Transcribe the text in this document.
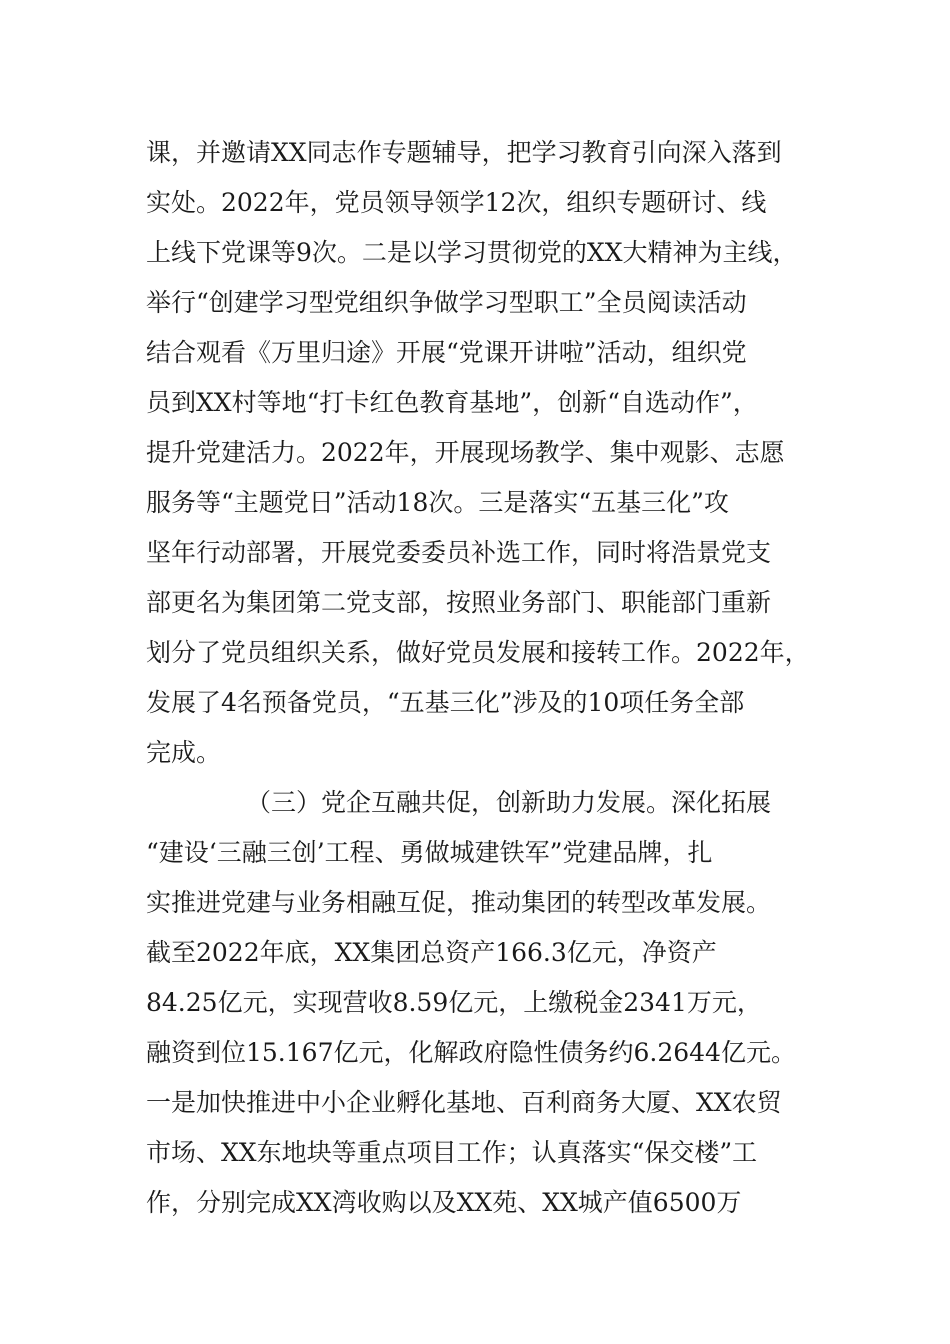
课，并邀请XX同志作专题辅导，把学习教育引向深入落到
实处。2022年，党员领导领学12次，组织专题研讨、线
上线下党课等9次。二是以学习贯彻党的XX大精神为主线，
举行“创建学习型党组织争做学习型职工”全员阅读活动
结合观看《万里归途》开展“党课开讲啦”活动，组织党
员到XX村等地“打卡红色教育基地”，创新“自选动作”，
提升党建活力。2022年，开展现场教学、集中观影、志愿
服务等“主题党日”活动18次。三是落实“五基三化”攻
坚年行动部署，开展党委委员补选工作，同时将浩景党支
部更名为集团第二党支部，按照业务部门、职能部门重新
划分了党员组织关系，做好党员发展和接转工作。2022年，
发展了4名预备党员，“五基三化”涉及的10项任务全部
完成。
（三）党企互融共促，创新助力发展。深化拓展
“建设‘三融三创’工程、勇做城建铁军”党建品牌，扎
实推进党建与业务相融互促，推动集团的转型改革发展。
截至2022年底，XX集团总资产166.3亿元，净资产
84.25亿元，实现营收8.59亿元，上缴税金2341万元，
融资到位15.167亿元，化解政府隐性债务约6.2644亿元。
一是加快推进中小企业孵化基地、百利商务大厦、XX农贸
市场、XX东地块等重点项目工作；认真落实“保交楼”工
作，分别完成XX湾收购以及XX苑、XX城产值6500万
